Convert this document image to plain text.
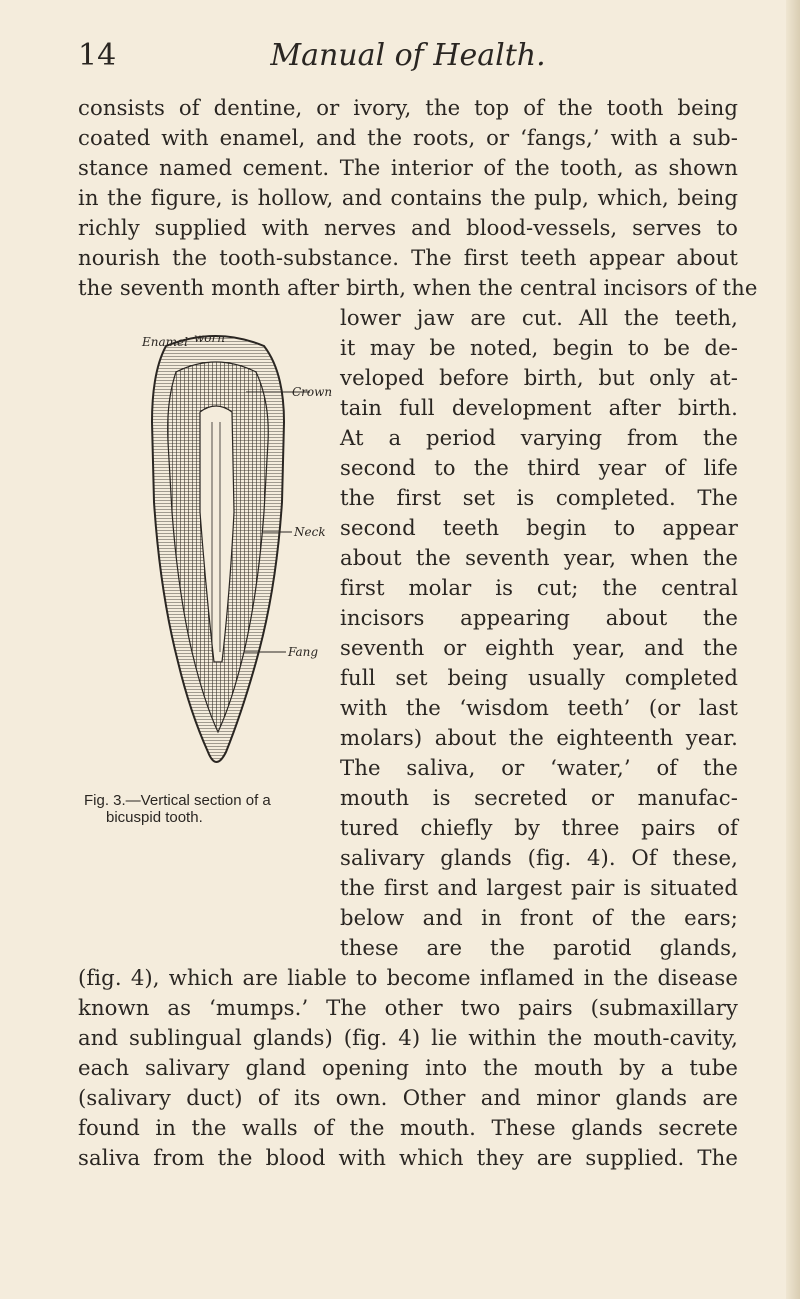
14	Manual of Health.
consists of dentine, or ivory, the top of the tooth being
coated with enamel, and the roots, or ‘fangs,’ with a sub-
stance named cement. The interior of the tooth, as shown
in the figure, is hollow, and contains the pulp, which, being
richly supplied with nerves and blood-vessels, serves to
nourish the tooth-substance. The first teeth appear about
the seventh month after birth, when the central incisors of the
lower jaw are cut. All the teeth,
it may be noted, begin to be de-
veloped before birth, but only at-
tain full development after birth.
At a period varying from the
second to the third year of life
the first set is completed. The
second teeth begin to appear
about the seventh year, when the
first molar is cut; the central
incisors appearing about the
seventh or eighth year, and the
full set being usually completed
with the ‘wisdom teeth’ (or last
molars) about the eighteenth year.
The saliva, or ‘water,’ of the
mouth is secreted or manufac-
tured chiefly by three pairs of
salivary glands (fig. 4). Of these,
the first and largest pair is situated
below and in front of the ears;
these are the parotid glands,
(fig. 4), which are liable to become inflamed in the disease
known as ‘mumps.’ The other two pairs (submaxillary
and sublingual glands) (fig. 4) lie within the mouth-cavity,
each salivary gland opening into the mouth by a tube
(salivary duct) of its own. Other and minor glands are
found in the walls of the mouth. These glands secrete
saliva from the blood with which they are supplied. The
Enamel worn
Crown
Neck
Fang
Fig. 3.—Vertical section of a
bicuspid tooth.
